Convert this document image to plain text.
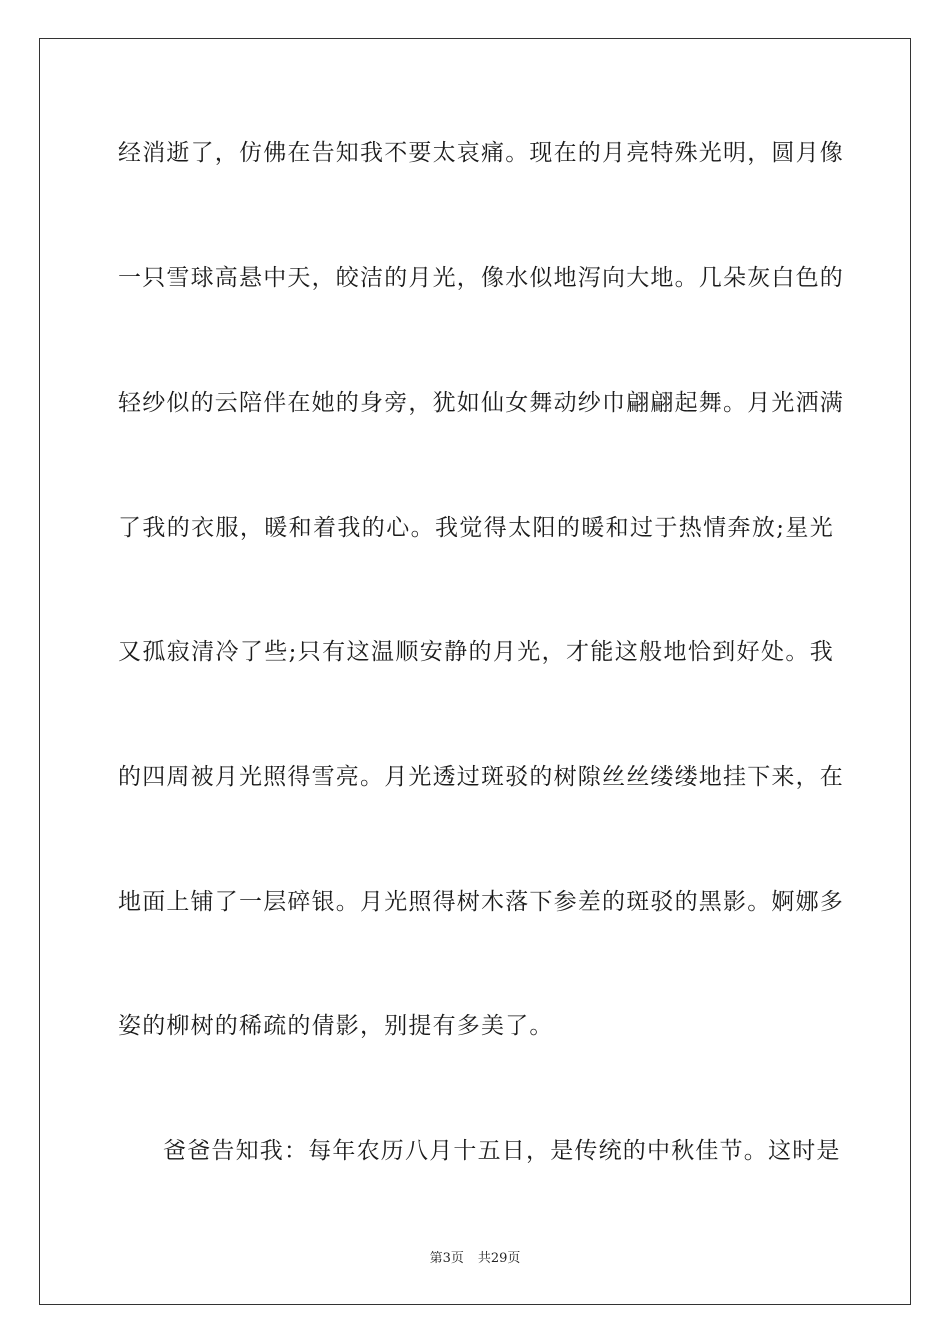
经消逝了，仿佛在告知我不要太哀痛。现在的月亮特殊光明，圆月像
一只雪球高悬中天，皎洁的月光，像水似地泻向大地。几朵灰白色的
轻纱似的云陪伴在她的身旁，犹如仙女舞动纱巾翩翩起舞。月光洒满
了我的衣服，暖和着我的心。我觉得太阳的暖和过于热情奔放;星光
又孤寂清冷了些;只有这温顺安静的月光，才能这般地恰到好处。我
的四周被月光照得雪亮。月光透过斑驳的树隙丝丝缕缕地挂下来，在
地面上铺了一层碎银。月光照得树木落下参差的斑驳的黑影。婀娜多
姿的柳树的稀疏的倩影，别提有多美了。
爸爸告知我：每年农历八月十五日，是传统的中秋佳节。这时是
第3页 共29页
